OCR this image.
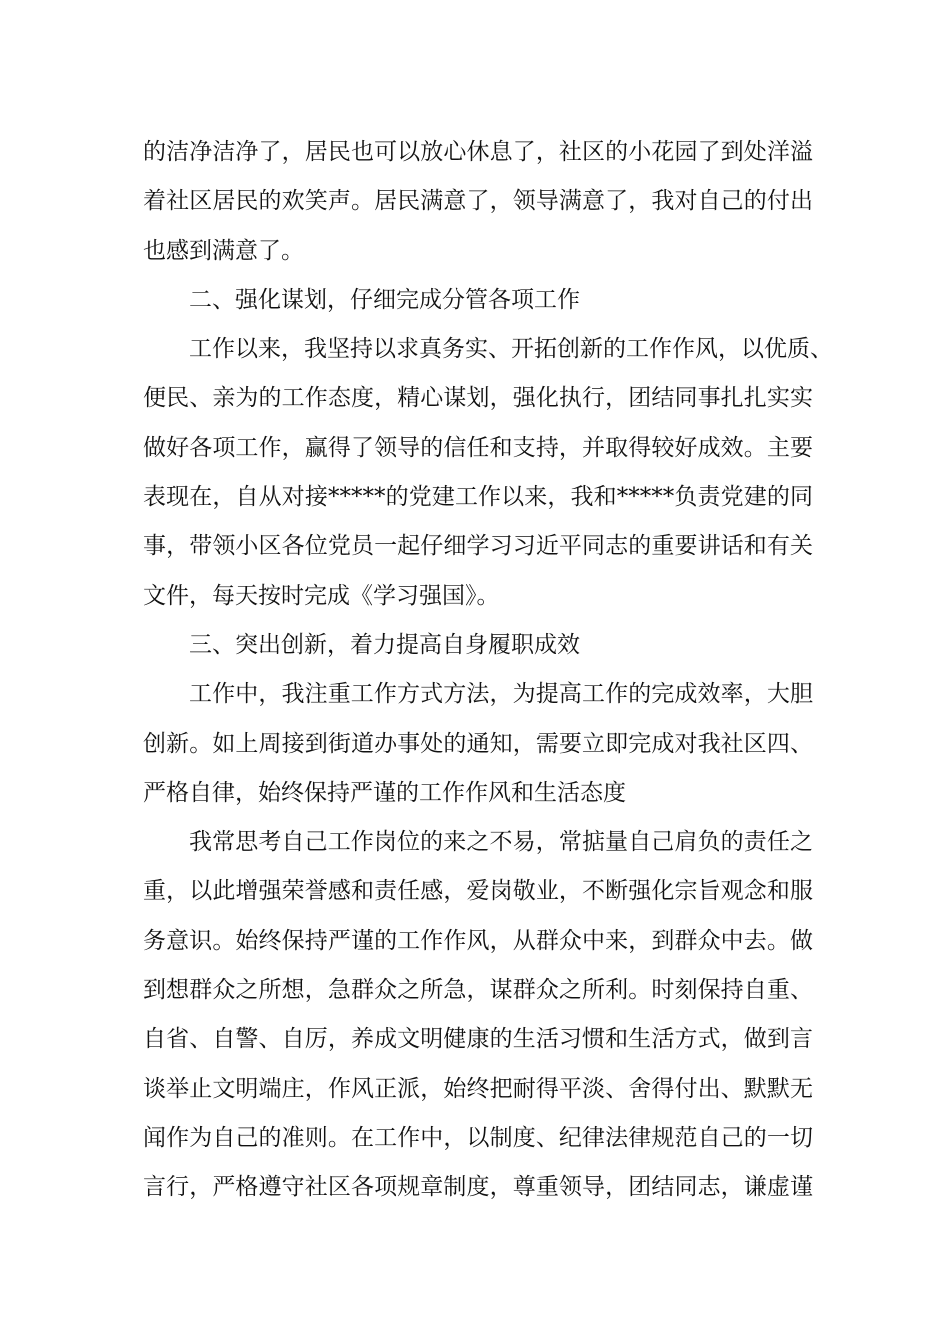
的洁净洁净了，居民也可以放心休息了，社区的小花园了到处洋溢
着社区居民的欢笑声。居民满意了，领导满意了，我对自己的付出
也感到满意了。
二、强化谋划，仔细完成分管各项工作
工作以来，我坚持以求真务实、开拓创新的工作作风，以优质、
便民、亲为的工作态度，精心谋划，强化执行，团结同事扎扎实实
做好各项工作，赢得了领导的信任和支持，并取得较好成效。主要
表现在，自从对接*****的党建工作以来，我和*****负责党建的同
事，带领小区各位党员一起仔细学习习近平同志的重要讲话和有关
文件，每天按时完成《学习强国》。
三、突出创新，着力提高自身履职成效
工作中，我注重工作方式方法，为提高工作的完成效率，大胆
创新。如上周接到街道办事处的通知，需要立即完成对我社区四、
严格自律，始终保持严谨的工作作风和生活态度
我常思考自己工作岗位的来之不易，常掂量自己肩负的责任之
重，以此增强荣誉感和责任感，爱岗敬业，不断强化宗旨观念和服
务意识。始终保持严谨的工作作风，从群众中来，到群众中去。做
到想群众之所想，急群众之所急，谋群众之所利。时刻保持自重、
自省、自警、自厉，养成文明健康的生活习惯和生活方式，做到言
谈举止文明端庄，作风正派，始终把耐得平淡、舍得付出、默默无
闻作为自己的准则。在工作中，以制度、纪律法律规范自己的一切
言行，严格遵守社区各项规章制度，尊重领导，团结同志，谦虚谨
